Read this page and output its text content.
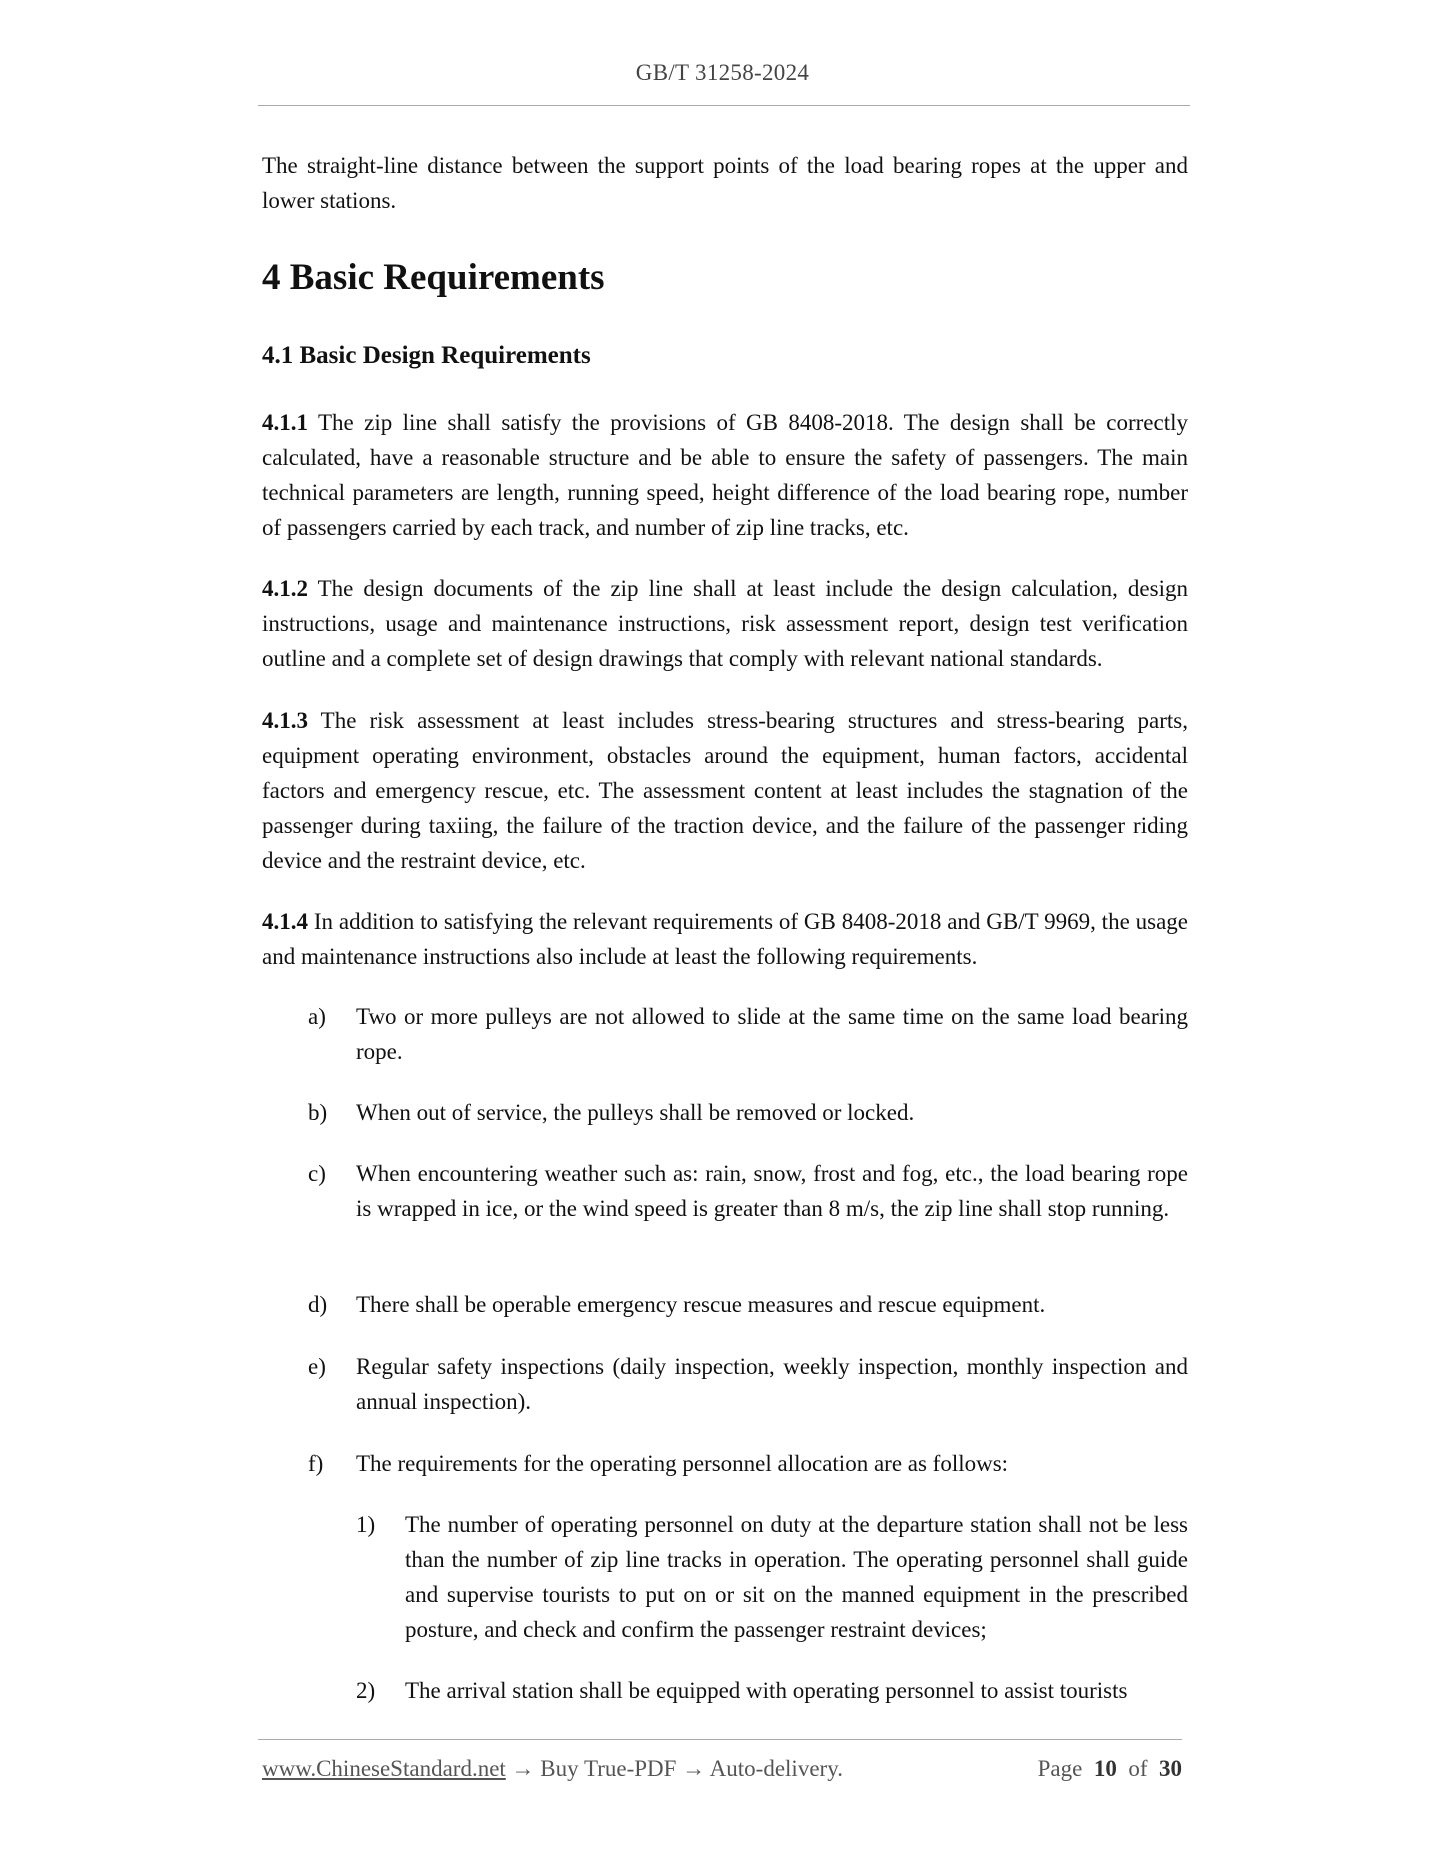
GB/T 31258-2024

The straight-line distance between the support points of the load bearing ropes at the upper and lower stations.

4 Basic Requirements
4.1 Basic Design Requirements

4.1.1 The zip line shall satisfy the provisions of GB 8408-2018. The design shall be correctly calculated, have a reasonable structure and be able to ensure the safety of passengers. The main technical parameters are length, running speed, height difference of the load bearing rope, number of passengers carried by each track, and number of zip line tracks, etc.

4.1.2 The design documents of the zip line shall at least include the design calculation, design instructions, usage and maintenance instructions, risk assessment report, design test verification outline and a complete set of design drawings that comply with relevant national standards.

4.1.3 The risk assessment at least includes stress-bearing structures and stress-bearing parts, equipment operating environment, obstacles around the equipment, human factors, accidental factors and emergency rescue, etc. The assessment content at least includes the stagnation of the passenger during taxiing, the failure of the traction device, and the failure of the passenger riding device and the restraint device, etc.

4.1.4 In addition to satisfying the relevant requirements of GB 8408-2018 and GB/T 9969, the usage and maintenance instructions also include at least the following requirements.

a) Two or more pulleys are not allowed to slide at the same time on the same load bearing rope.
b) When out of service, the pulleys shall be removed or locked.
c) When encountering weather such as: rain, snow, frost and fog, etc., the load bearing rope is wrapped in ice, or the wind speed is greater than 8 m/s, the zip line shall stop running.
d) There shall be operable emergency rescue measures and rescue equipment.
e) Regular safety inspections (daily inspection, weekly inspection, monthly inspection and annual inspection).
f) The requirements for the operating personnel allocation are as follows:
1) The number of operating personnel on duty at the departure station shall not be less than the number of zip line tracks in operation. The operating personnel shall guide and supervise tourists to put on or sit on the manned equipment in the prescribed posture, and check and confirm the passenger restraint devices;
2) The arrival station shall be equipped with operating personnel to assist tourists
www.ChineseStandard.net → Buy True-PDF → Auto-delivery.	Page 10 of 30
